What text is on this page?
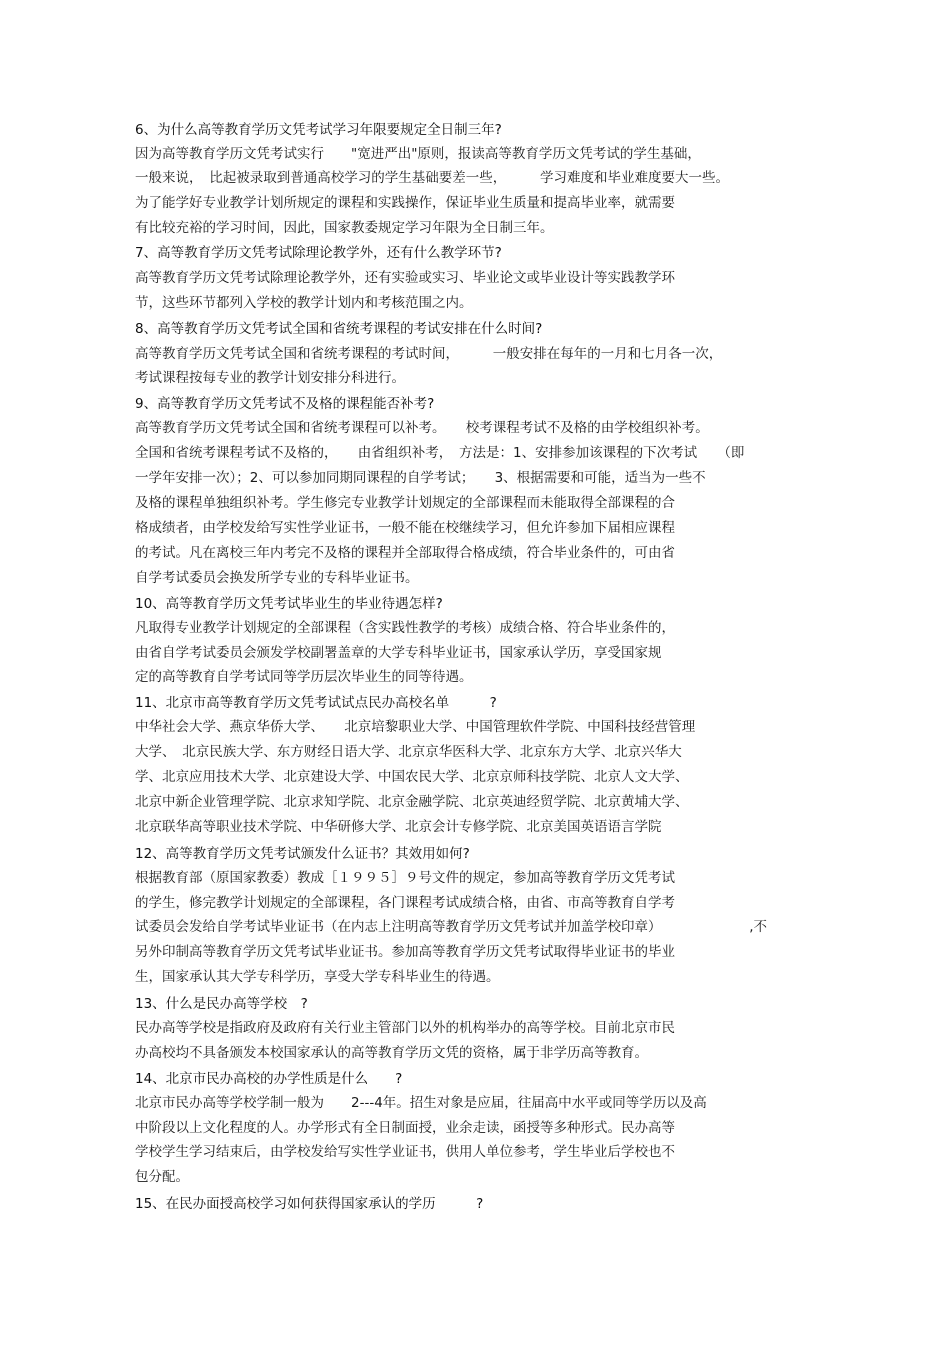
6、为什么高等教育学历文凭考试学习年限要规定全日制三年?
因为高等教育学历文凭考试实行　　"宽进严出"原则，报读高等教育学历文凭考试的学生基础，
一般来说，　比起被录取到普通高校学习的学生基础要差一些，　　　学习难度和毕业难度要大一些。
为了能学好专业教学计划所规定的课程和实践操作，保证毕业生质量和提高毕业率，就需要
有比较充裕的学习时间，因此，国家教委规定学习年限为全日制三年。
7、高等教育学历文凭考试除理论教学外，还有什么教学环节?
高等教育学历文凭考试除理论教学外，还有实验或实习、毕业论文或毕业设计等实践教学环
节，这些环节都列入学校的教学计划内和考核范围之内。
8、高等教育学历文凭考试全国和省统考课程的考试安排在什么时间?
高等教育学历文凭考试全国和省统考课程的考试时间，　　　一般安排在每年的一月和七月各一次，
考试课程按每专业的教学计划安排分科进行。
9、高等教育学历文凭考试不及格的课程能否补考?
高等教育学历文凭考试全国和省统考课程可以补考。　　校考课程考试不及格的由学校组织补考。
全国和省统考课程考试不及格的，　　由省组织补考，　方法是：1、安排参加该课程的下次考试　　（即
一学年安排一次）；2、可以参加同期同课程的自学考试；　　3、根据需要和可能，适当为一些不
及格的课程单独组织补考。学生修完专业教学计划规定的全部课程而未能取得全部课程的合
格成绩者，由学校发给写实性学业证书，一般不能在校继续学习，但允许参加下届相应课程
的考试。凡在离校三年内考完不及格的课程并全部取得合格成绩，符合毕业条件的，可由省
自学考试委员会换发所学专业的专科毕业证书。
10、高等教育学历文凭考试毕业生的毕业待遇怎样?
凡取得专业教学计划规定的全部课程（含实践性教学的考核）成绩合格、符合毕业条件的，
由省自学考试委员会颁发学校副署盖章的大学专科毕业证书，国家承认学历，享受国家规
定的高等教育自学考试同等学历层次毕业生的同等待遇。
11、北京市高等教育学历文凭考试试点民办高校名单　　　?
中华社会大学、燕京华侨大学、　　北京培黎职业大学、中国管理软件学院、中国科技经营管理
大学、　北京民族大学、东方财经日语大学、北京京华医科大学、北京东方大学、北京兴华大
学、北京应用技术大学、北京建设大学、中国农民大学、北京京师科技学院、北京人文大学、
北京中新企业管理学院、北京求知学院、北京金融学院、北京英迪经贸学院、北京黄埔大学、
北京联华高等职业技术学院、中华研修大学、北京会计专修学院、北京美国英语语言学院
12、高等教育学历文凭考试颁发什么证书？其效用如何?
根据教育部（原国家教委）教成［１９９５］９号文件的规定，参加高等教育学历文凭考试
的学生，修完教学计划规定的全部课程，各门课程考试成绩合格，由省、市高等教育自学考
试委员会发给自学考试毕业证书（在内志上注明高等教育学历文凭考试并加盖学校印章）　　　　　　　,不
另外印制高等教育学历文凭考试毕业证书。参加高等教育学历文凭考试取得毕业证书的毕业
生，国家承认其大学专科学历，享受大学专科毕业生的待遇。
13、什么是民办高等学校　?
民办高等学校是指政府及政府有关行业主管部门以外的机构举办的高等学校。目前北京市民
办高校均不具备颁发本校国家承认的高等教育学历文凭的资格，属于非学历高等教育。
14、北京市民办高校的办学性质是什么　　?
北京市民办高等学校学制一般为　　2---4年。招生对象是应届，往届高中水平或同等学历以及高
中阶段以上文化程度的人。办学形式有全日制面授，业余走读，函授等多种形式。民办高等
学校学生学习结束后，由学校发给写实性学业证书，供用人单位参考，学生毕业后学校也不
包分配。
15、在民办面授高校学习如何获得国家承认的学历　　　?
